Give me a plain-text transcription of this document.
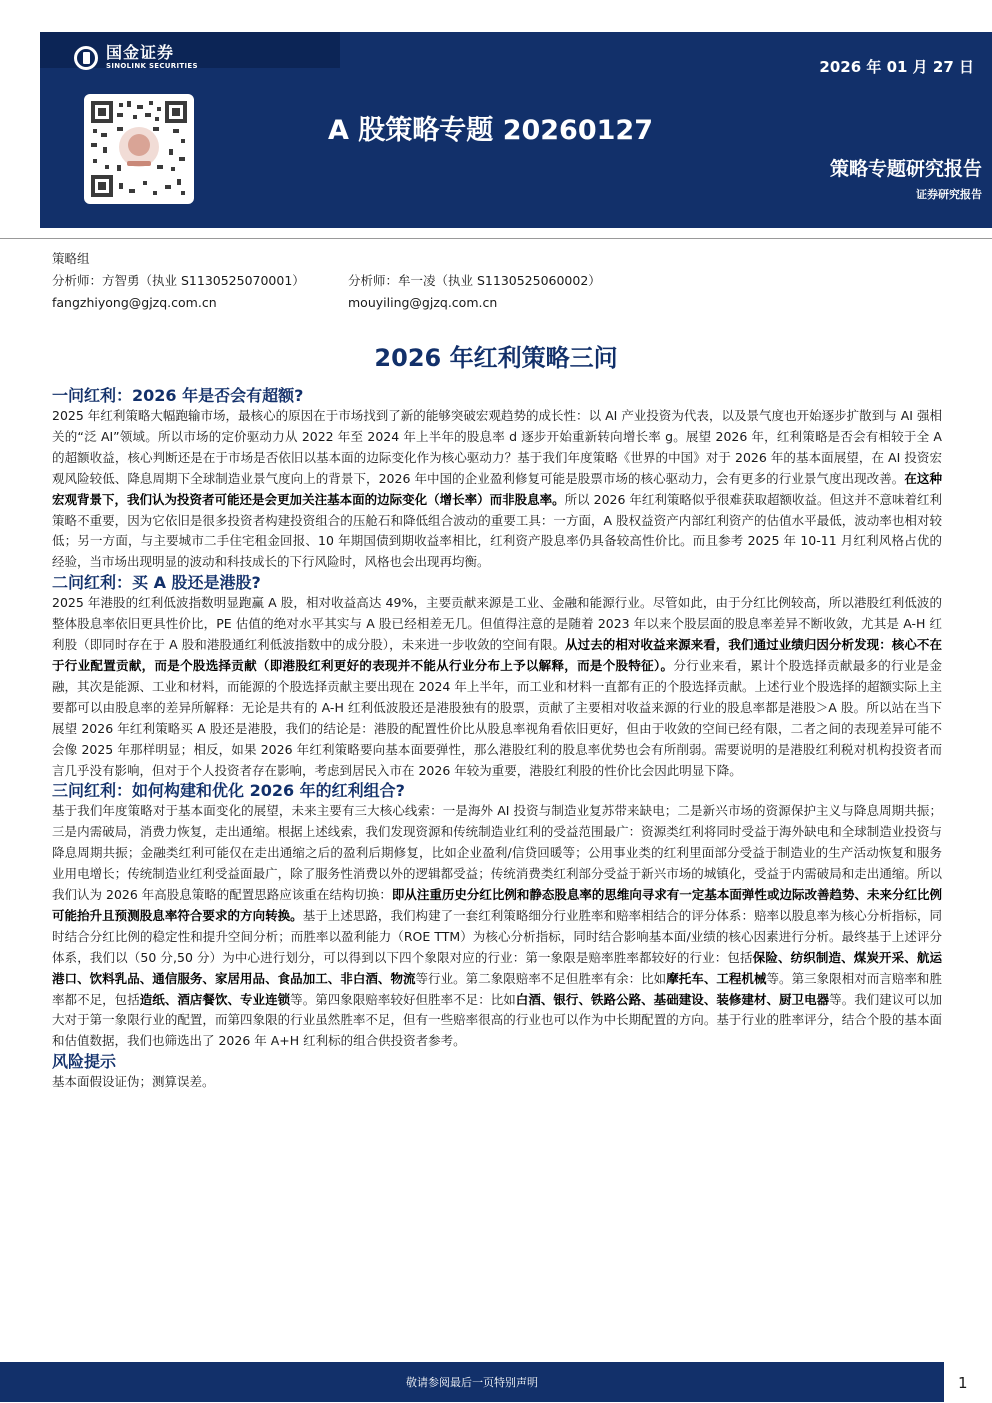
国金证券
SINOLINK SECURITIES	2026 年 01 月 27 日
A 股策略专题 20260127
策略专题研究报告
证券研究报告
策略组
分析师：方智勇（执业 S1130525070001）	分析师：牟一凌（执业 S1130525060002）
fangzhiyong@gjzq.com.cn	mouyiling@gjzq.com.cn
2026 年红利策略三问
一问红利：2026 年是否会有超额?
2025 年红利策略大幅跑输市场，最核心的原因在于市场找到了新的能够突破宏观趋势的成长性：以 AI 产业投资为代表，以及景气度也开始逐步扩散到与 AI 强相关的“泛 AI”领域。所以市场的定价驱动力从 2022 年至 2024 年上半年的股息率 d 逐步开始重新转向增长率 g。展望 2026 年，红利策略是否会有相较于全 A 的超额收益，核心判断还是在于市场是否依旧以基本面的边际变化作为核心驱动力？基于我们年度策略《世界的中国》对于 2026 年的基本面展望，在 AI 投资宏观风险较低、降息周期下全球制造业景气度向上的背景下，2026 年中国的企业盈利修复可能是股票市场的核心驱动力，会有更多的行业景气度出现改善。在这种宏观背景下，我们认为投资者可能还是会更加关注基本面的边际变化（增长率）而非股息率。所以 2026 年红利策略似乎很难获取超额收益。但这并不意味着红利策略不重要，因为它依旧是很多投资者构建投资组合的压舱石和降低组合波动的重要工具：一方面，A 股权益资产内部红利资产的估值水平最低，波动率也相对较低；另一方面，与主要城市二手住宅租金回报、10 年期国债到期收益率相比，红利资产股息率仍具备较高性价比。而且参考 2025 年 10-11 月红利风格占优的经验，当市场出现明显的波动和科技成长的下行风险时，风格也会出现再均衡。
二问红利：买 A 股还是港股?
2025 年港股的红利低波指数明显跑赢 A 股，相对收益高达 49%，主要贡献来源是工业、金融和能源行业。尽管如此，由于分红比例较高，所以港股红利低波的整体股息率依旧更具性价比，PE 估值的绝对水平其实与 A 股已经相差无几。但值得注意的是随着 2023 年以来个股层面的股息率差异不断收敛，尤其是 A-H 红利股（即同时存在于 A 股和港股通红利低波指数中的成分股），未来进一步收敛的空间有限。从过去的相对收益来源来看，我们通过业绩归因分析发现：核心不在于行业配置贡献，而是个股选择贡献（即港股红利更好的表现并不能从行业分布上予以解释，而是个股特征）。分行业来看，累计个股选择贡献最多的行业是金融，其次是能源、工业和材料，而能源的个股选择贡献主要出现在 2024 年上半年，而工业和材料一直都有正的个股选择贡献。上述行业个股选择的超额实际上主要都可以由股息率的差异所解释：无论是共有的 A-H 红利低波股还是港股独有的股票，贡献了主要相对收益来源的行业的股息率都是港股＞A 股。所以站在当下展望 2026 年红利策略买 A 股还是港股，我们的结论是：港股的配置性价比从股息率视角看依旧更好，但由于收敛的空间已经有限，二者之间的表现差异可能不会像 2025 年那样明显；相反，如果 2026 年红利策略要向基本面要弹性，那么港股红利的股息率优势也会有所削弱。需要说明的是港股红利税对机构投资者而言几乎没有影响，但对于个人投资者存在影响，考虑到居民入市在 2026 年较为重要，港股红利股的性价比会因此明显下降。
三问红利：如何构建和优化 2026 年的红利组合?
基于我们年度策略对于基本面变化的展望，未来主要有三大核心线索：一是海外 AI 投资与制造业复苏带来缺电；二是新兴市场的资源保护主义与降息周期共振；三是内需破局，消费力恢复，走出通缩。根据上述线索，我们发现资源和传统制造业红利的受益范围最广：资源类红利将同时受益于海外缺电和全球制造业投资与降息周期共振；金融类红利可能仅在走出通缩之后的盈利后期修复，比如企业盈利/信贷回暖等；公用事业类的红利里面部分受益于制造业的生产活动恢复和服务业用电增长；传统制造业红利受益面最广，除了服务性消费以外的逻辑都受益；传统消费类红利部分受益于新兴市场的城镇化，受益于内需破局和走出通缩。所以我们认为 2026 年高股息策略的配置思路应该重在结构切换：即从注重历史分红比例和静态股息率的思维向寻求有一定基本面弹性或边际改善趋势、未来分红比例可能抬升且预测股息率符合要求的方向转换。基于上述思路，我们构建了一套红利策略细分行业胜率和赔率相结合的评分体系：赔率以股息率为核心分析指标，同时结合分红比例的稳定性和提升空间分析；而胜率以盈利能力（ROE TTM）为核心分析指标，同时结合影响基本面/业绩的核心因素进行分析。最终基于上述评分体系，我们以（50 分,50 分）为中心进行划分，可以得到以下四个象限对应的行业：第一象限是赔率胜率都较好的行业：包括保险、纺织制造、煤炭开采、航运港口、饮料乳品、通信服务、家居用品、食品加工、非白酒、物流等行业。第二象限赔率不足但胜率有余：比如摩托车、工程机械等。第三象限相对而言赔率和胜率都不足，包括造纸、酒店餐饮、专业连锁等。第四象限赔率较好但胜率不足：比如白酒、银行、铁路公路、基础建设、装修建材、厨卫电器等。我们建议可以加大对于第一象限行业的配置，而第四象限的行业虽然胜率不足，但有一些赔率很高的行业也可以作为中长期配置的方向。基于行业的胜率评分，结合个股的基本面和估值数据，我们也筛选出了 2026 年 A+H 红利标的组合供投资者参考。
风险提示
基本面假设证伪；测算误差。
敬请参阅最后一页特别声明	1
